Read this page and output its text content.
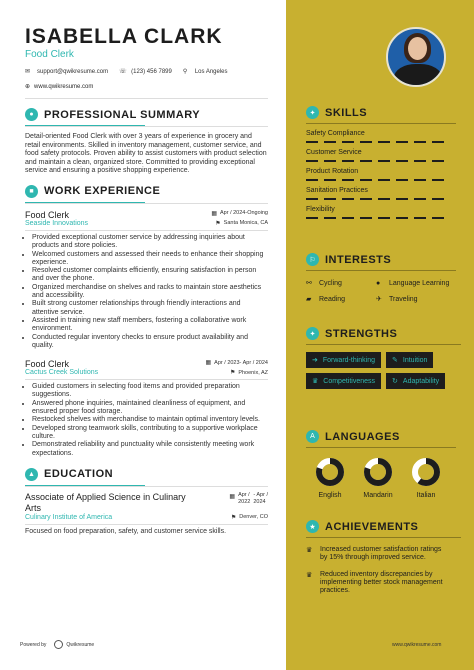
ISABELLA CLARK
Food Clerk
✉	support@qwikresume.com ☏ (123) 456 7899 ⚲	Los Angeles
⊕ www.qwikresume.com
● PROFESSIONAL SUMMARY
Detail-oriented Food Clerk with over 3 years of experience in grocery and retail environments. Skilled in inventory management, customer service, and food safety protocols. Proven ability to assist customers with product selection and maintain a clean, organized store. Committed to providing exceptional service and ensuring a positive shopping experience.
■ WORK EXPERIENCE
Food Clerk	▦ Apr / 2024-Ongoing
Seaside Innovations	⚑ Santa Monica, CA
• Provided exceptional customer service by addressing inquiries about products and store policies.
• Welcomed customers and assessed their needs to enhance their shopping experience.
• Resolved customer complaints efficiently, ensuring satisfaction in person and over the phone.
• Organized merchandise on shelves and racks to maintain store aesthetics and accessibility.
• Built strong customer relationships through friendly interactions and attentive service.
• Assisted in training new staff members, fostering a collaborative work environment.
• Conducted regular inventory checks to ensure product availability and quality.
Food Clerk	▦ Apr / 2023- Apr / 2024
Cactus Creek Solutions	⚑ Phoenix, AZ
• Guided customers in selecting food items and provided preparation suggestions.
• Answered phone inquiries, maintained cleanliness of equipment, and ensured proper food storage.
• Restocked shelves with merchandise to maintain optimal inventory levels.
• Developed strong teamwork skills, contributing to a supportive workplace culture.
• Demonstrated reliability and punctuality while consistently meeting work expectations.
▲ EDUCATION
Associate of Applied Science in Culinary Arts
▦ Apr /
2022
- Apr /
2024
Culinary Institute of America	⚑ Denver, CO
Focused on food preparation, safety, and customer service skills.
Powered by	Qwikresume
✦ SKILLS
Safety Compliance
Customer Service
Product Rotation
Sanitation Practices
Flexibility
⚐ INTERESTS
⚯	Cycling	●	Language Learning
▰	Reading	✈	Traveling
✦ STRENGTHS
➜ Forward-thinking ✎ Intuition
♛ Competitiveness ↻ Adaptability
A LANGUAGES
English	Mandarin	Italian
★ ACHIEVEMENTS
♛	Increased customer satisfaction ratings by 15% through improved service.
♛	Reduced inventory discrepancies by implementing better stock management practices.
www.qwikresume.com
